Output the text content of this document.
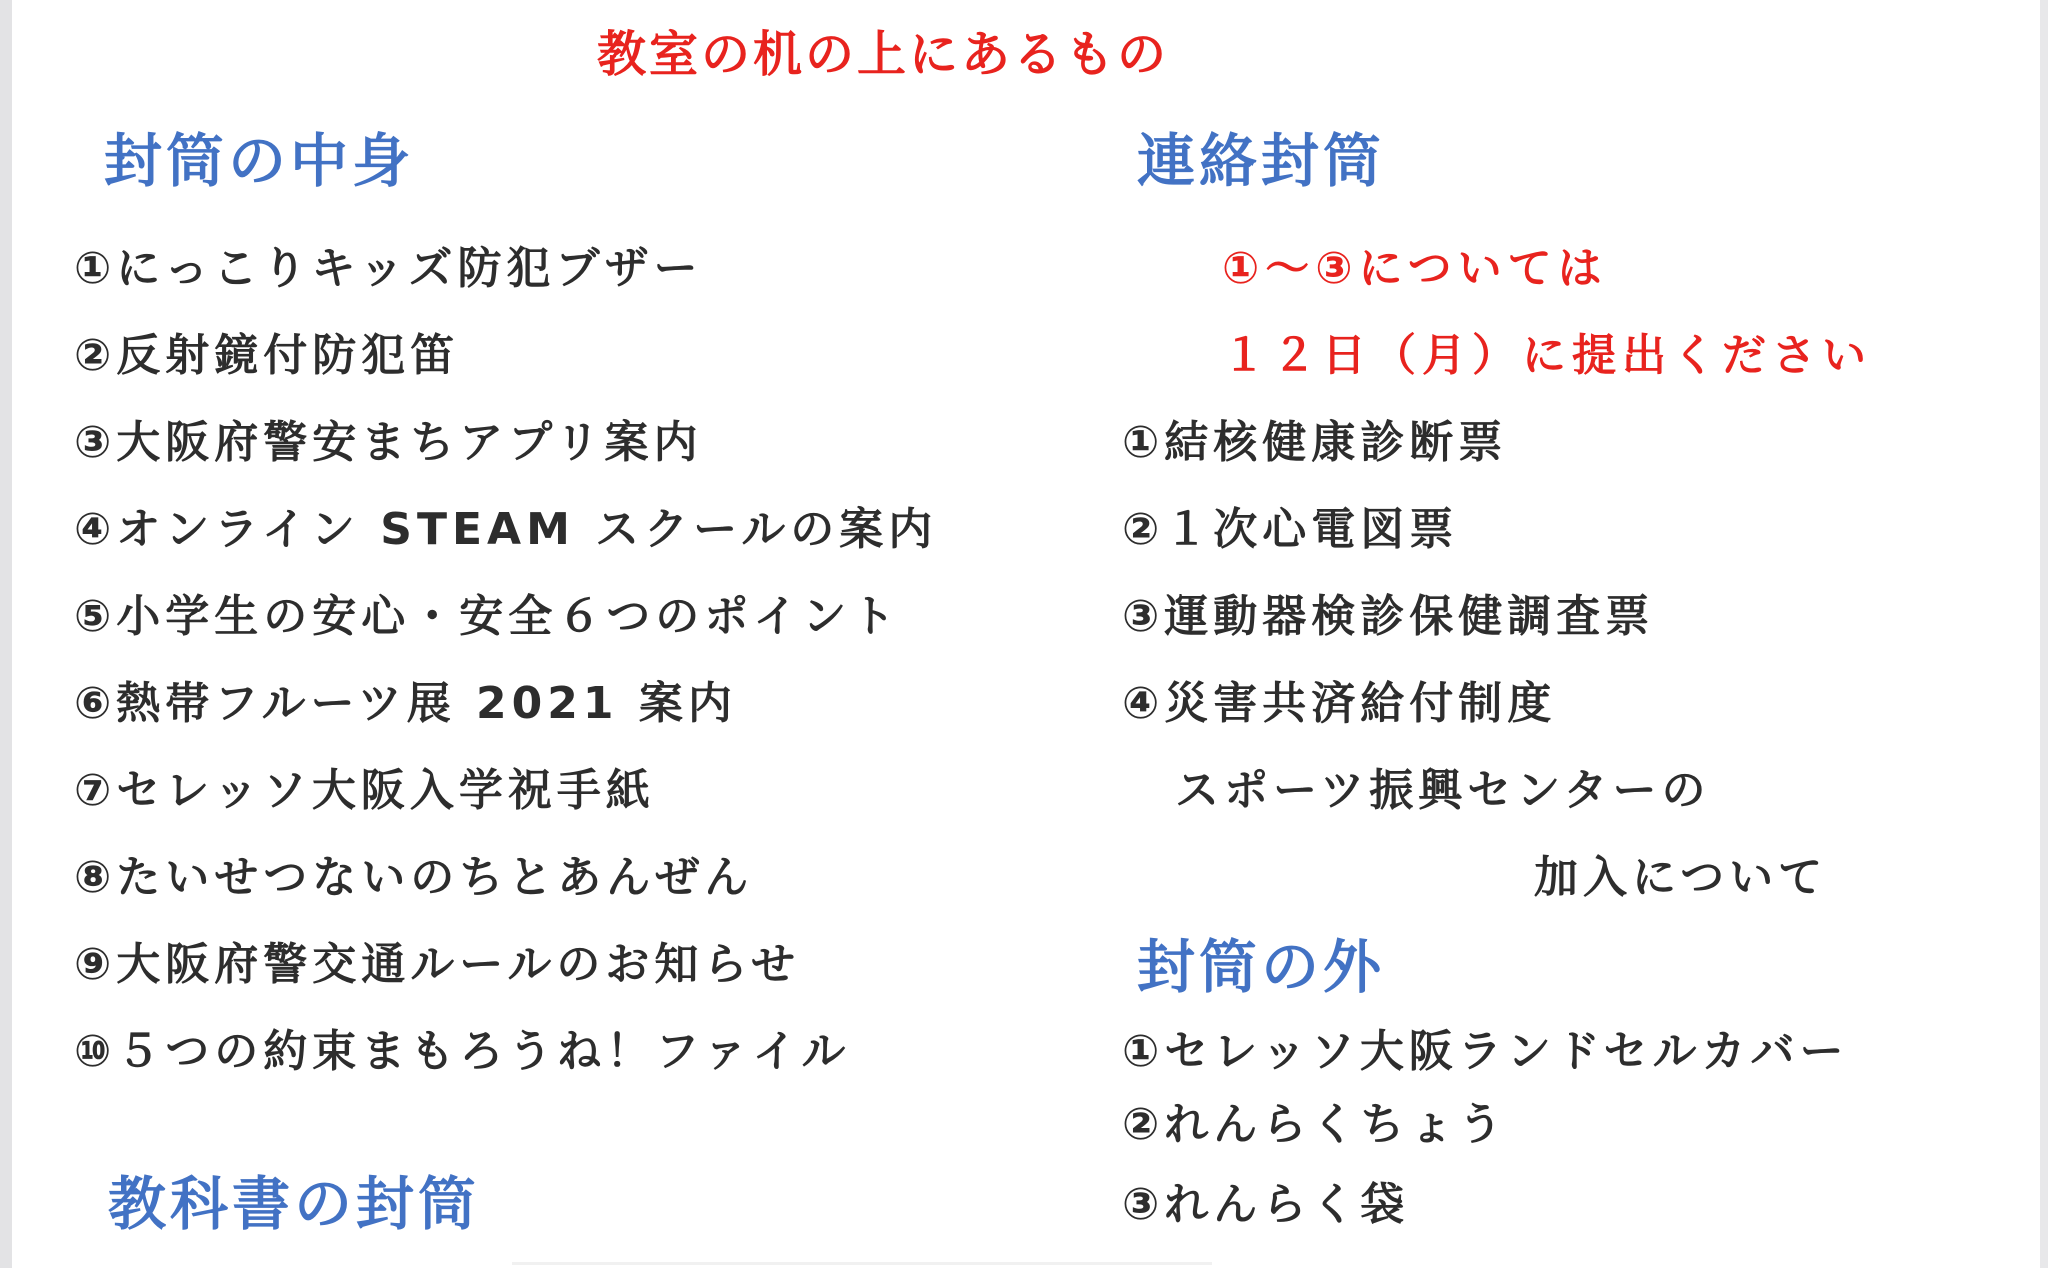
教室の机の上にあるもの
封筒の中身
①にっこりキッズ防犯ブザー
②反射鏡付防犯笛
③大阪府警安まちアプリ案内
④オンライン STEAM スクールの案内
⑤小学生の安心・安全６つのポイント
⑥熱帯フルーツ展 2021 案内
⑦セレッソ大阪入学祝手紙
⑧たいせつないのちとあんぜん
⑨大阪府警交通ルールのお知らせ
⑩５つの約束まもろうね！ファイル
教科書の封筒
連絡封筒
①～③については
１２日（月）に提出ください
①結核健康診断票
②１次心電図票
③運動器検診保健調査票
④災害共済給付制度
スポーツ振興センターの
加入について
封筒の外
①セレッソ大阪ランドセルカバー
②れんらくちょう
③れんらく袋
